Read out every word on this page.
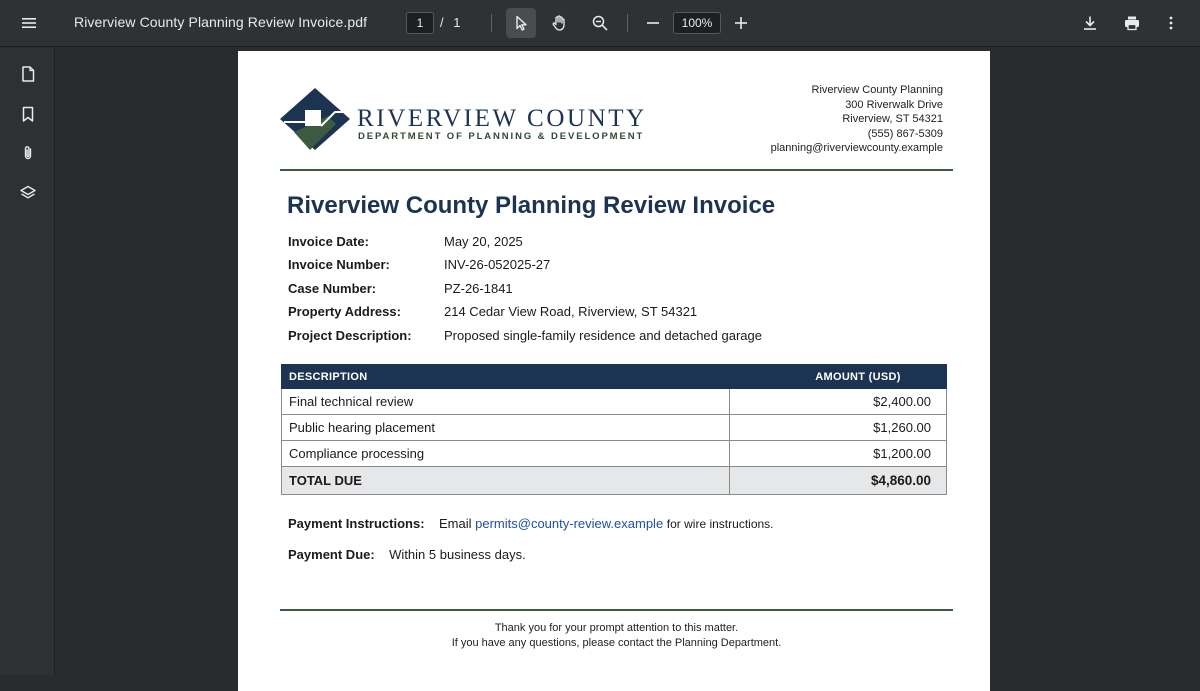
Riverview County Planning Review Invoice.pdf	1	/ 1	100%
RIVERVIEW COUNTY
DEPARTMENT OF PLANNING & DEVELOPMENT
Riverview County Planning
300 Riverwalk Drive
Riverview, ST 54321
(555) 867-5309
planning@riverviewcounty.example
Riverview County Planning Review Invoice
Invoice Date:	May 20, 2025
Invoice Number:	INV-26-052025-27
Case Number:	PZ-26-1841
Property Address:	214 Cedar View Road, Riverview, ST 54321
Project Description: Proposed single-family residence and detached garage
DESCRIPTION	AMOUNT (USD)
Final technical review	$2,400.00
Public hearing placement	$1,260.00
Compliance processing	$1,200.00
TOTAL DUE	$4,860.00
Payment Instructions: Email permits@county-review.example for wire instructions.
Payment Due: Within 5 business days.
Thank you for your prompt attention to this matter.
If you have any questions, please contact the Planning Department.
